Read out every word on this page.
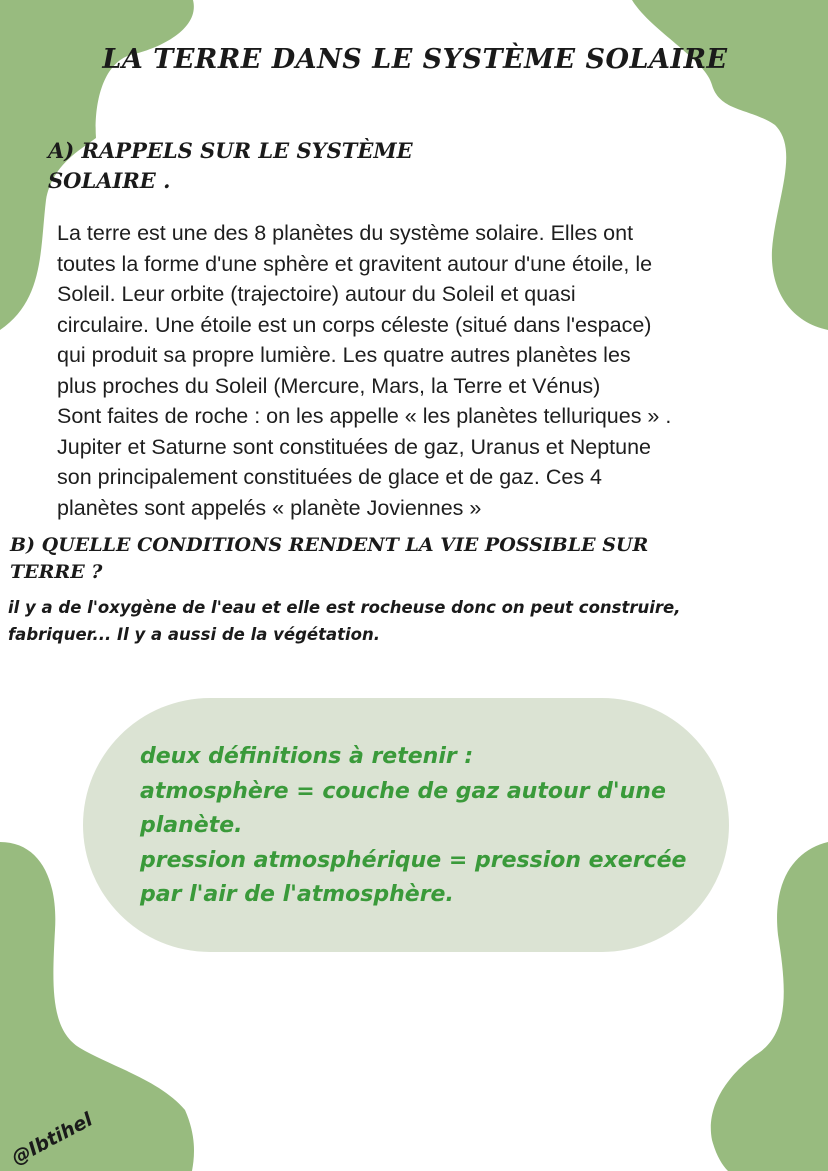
LA TERRE DANS LE SYSTÈME SOLAIRE
A) RAPPELS SUR LE SYSTÈME
SOLAIRE .

La terre est une des 8 planètes du système solaire. Elles ont
toutes la forme d'une sphère et gravitent autour d'une étoile, le
Soleil. Leur orbite (trajectoire) autour du Soleil et quasi
circulaire. Une étoile est un corps céleste (situé dans l'espace)
qui produit sa propre lumière. Les quatre autres planètes les
plus proches du Soleil (Mercure, Mars, la Terre et Vénus)
Sont faites de roche : on les appelle « les planètes telluriques » .
Jupiter et Saturne sont constituées de gaz, Uranus et Neptune
son principalement constituées de glace et de gaz. Ces 4
planètes sont appelés « planète Joviennes »

B) QUELLE CONDITIONS RENDENT LA VIE POSSIBLE SUR
TERRE ?

il y a de l'oxygène de l'eau et elle est rocheuse donc on peut construire,
fabriquer... Il y a aussi de la végétation.

deux définitions à retenir :
atmosphère = couche de gaz autour d'une
planète.
pression atmosphérique = pression exercée
par l'air de l'atmosphère.
@Ibtihel
